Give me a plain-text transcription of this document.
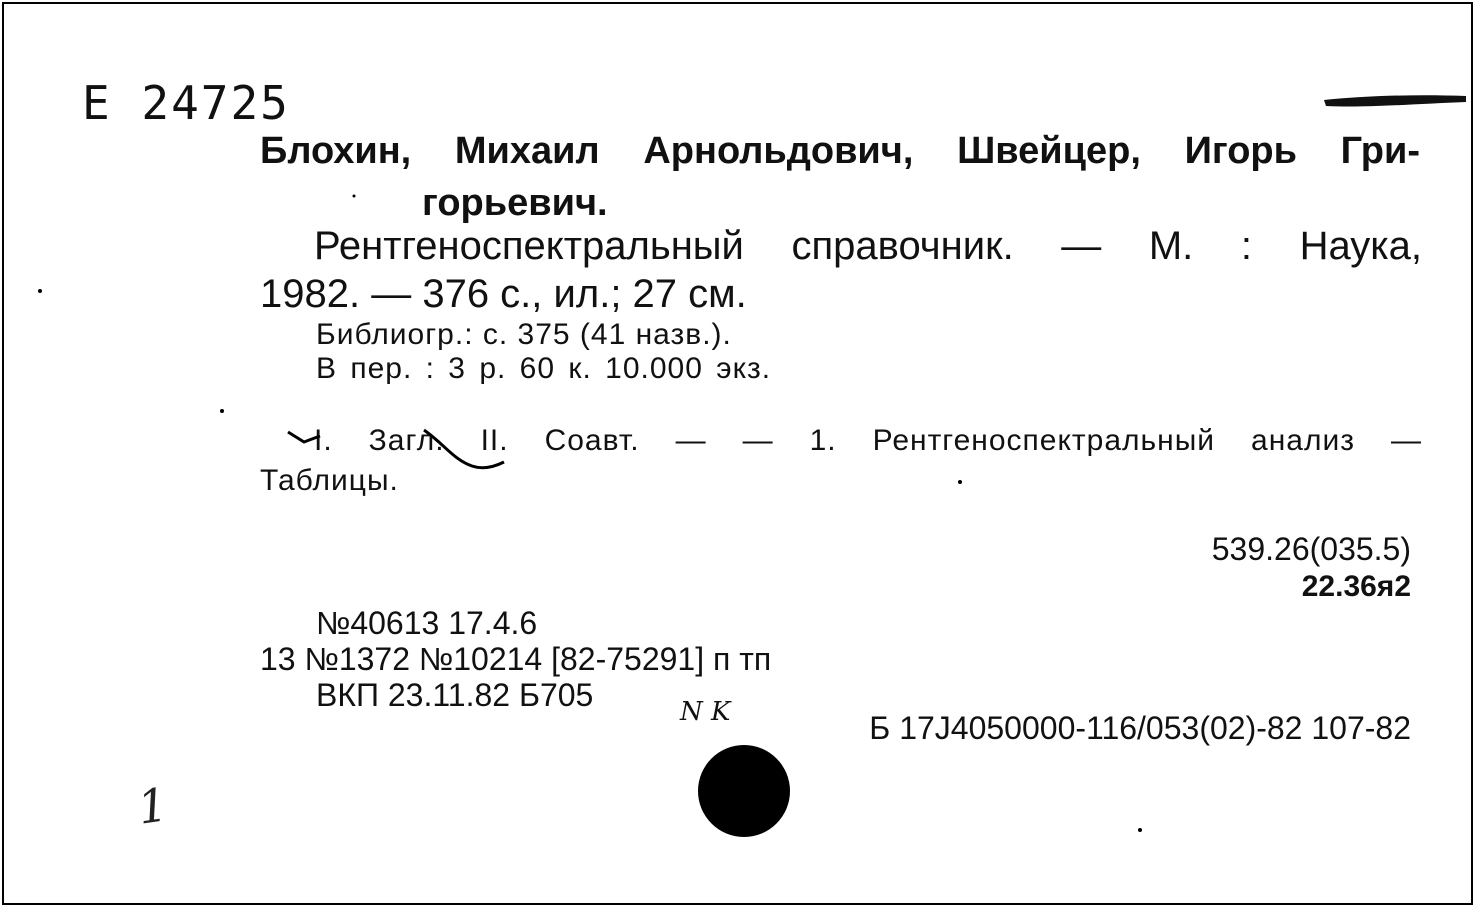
E 24725
Блохин, Михаил Арнольдович, Швейцер, Игорь Гри-
горьевич.
Рентгеноспектральный справочник. — М. : Наука,
1982. — 376 с., ил.; 27 см.
Библиогр.: с. 375 (41 назв.).
В пер. : 3 р. 60 к. 10.000 экз.
I. Загл. II. Соавт. — — 1. Рентгеноспектральный анализ —
Таблицы.
539.26(035.5)
22.36я2
№40613 17.4.6
13 №1372 №10214 [82-75291] п тп
ВКП 23.11.82 Б705
Б 17J4050000-116/053(02)-82 107-82
N K
1
